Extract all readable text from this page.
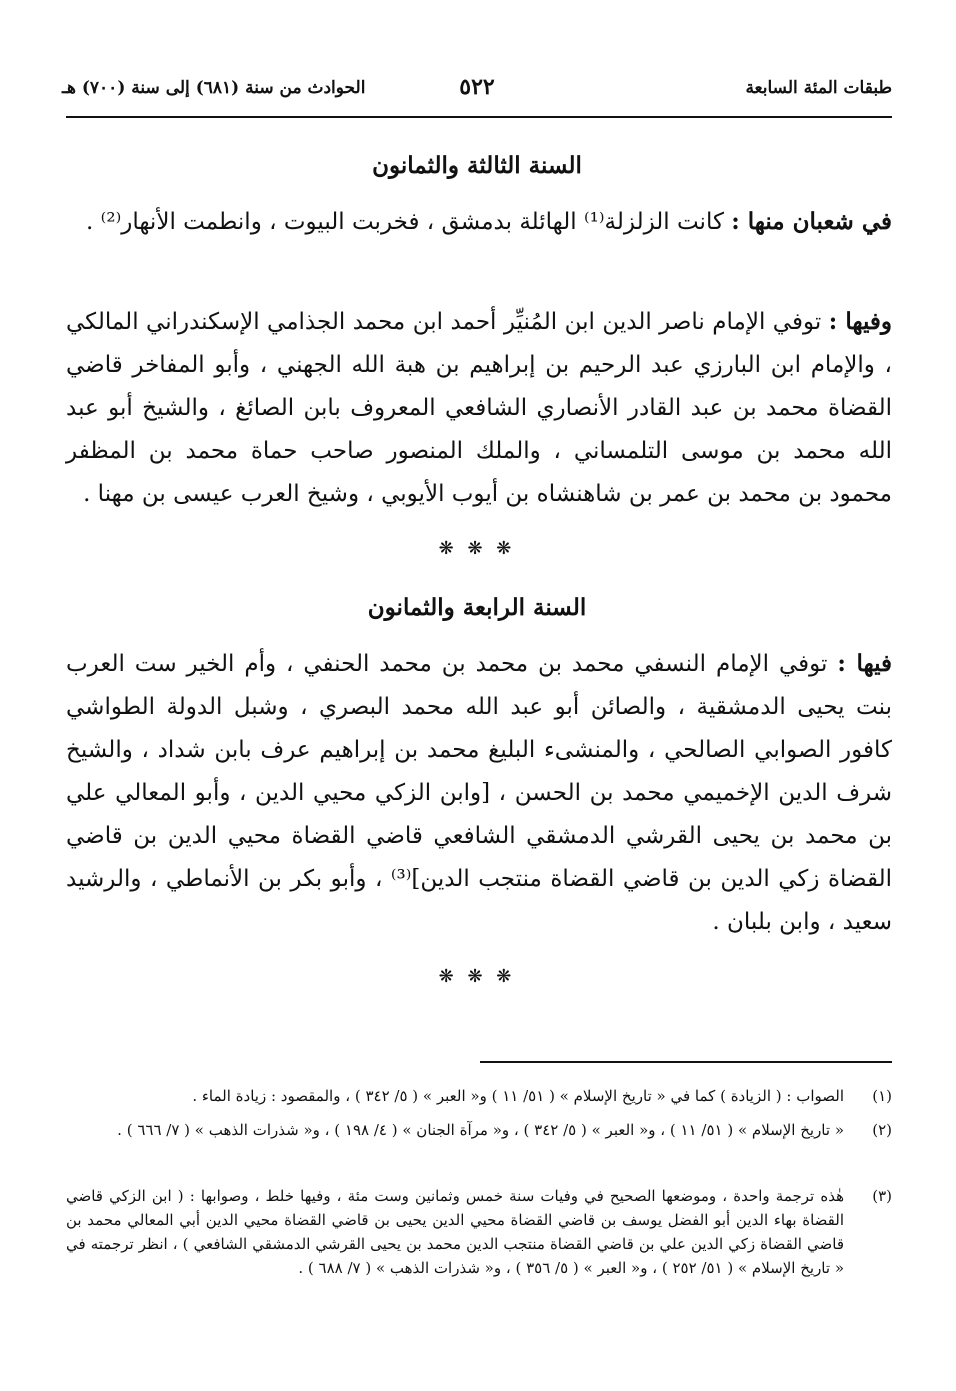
طبقات المئة السابعة
٥٢٢
الحوادث من سنة (٦٨١) إلى سنة (٧٠٠) هـ
السنة الثالثة والثمانون
في شعبان منها : كانت الزلزلة⁽¹⁾ الهائلة بدمشق ، فخربت البيوت ، وانطمت الأنهار⁽²⁾ .
وفيها : توفي الإمام ناصر الدين ابن المُنيِّر أحمد ابن محمد الجذامي الإسكندراني المالكي ، والإمام ابن البارزي عبد الرحيم بن إبراهيم بن هبة الله الجهني ، وأبو المفاخر قاضي القضاة محمد بن عبد القادر الأنصاري الشافعي المعروف بابن الصائغ ، والشيخ أبو عبد الله محمد بن موسى التلمساني ، والملك المنصور صاحب حماة محمد بن المظفر محمود بن محمد بن عمر بن شاهنشاه بن أيوب الأيوبي ، وشيخ العرب عيسى بن مهنا .
❋ ❋ ❋
السنة الرابعة والثمانون
فيها : توفي الإمام النسفي محمد بن محمد بن محمد الحنفي ، وأم الخير ست العرب بنت يحيى الدمشقية ، والصائن أبو عبد الله محمد البصري ، وشبل الدولة الطواشي كافور الصوابي الصالحي ، والمنشىء البليغ محمد بن إبراهيم عرف بابن شداد ، والشيخ شرف الدين الإخميمي محمد بن الحسن ، [وابن الزكي محيي الدين ، وأبو المعالي علي بن محمد بن يحيى القرشي الدمشقي الشافعي قاضي القضاة محيي الدين بن قاضي القضاة زكي الدين بن قاضي القضاة منتجب الدين]⁽³⁾ ، وأبو بكر بن الأنماطي ، والرشيد سعيد ، وابن بلبان .
❋ ❋ ❋
(١)
الصواب : ( الزيادة ) كما في « تاريخ الإسلام » ( ٥١/ ١١ ) و« العبر » ( ٥/ ٣٤٢ ) ، والمقصود : زيادة الماء .
(٢)
« تاريخ الإسلام » ( ٥١/ ١١ ) ، و« العبر » ( ٥/ ٣٤٢ ) ، و« مرآة الجنان » ( ٤/ ١٩٨ ) ، و« شذرات الذهب » ( ٧/ ٦٦٦ ) .
(٣)
هٰذه ترجمة واحدة ، وموضعها الصحيح في وفيات سنة خمس وثمانين وست مئة ، وفيها خلط ، وصوابها : ( ابن الزكي قاضي القضاة بهاء الدين أبو الفضل يوسف بن قاضي القضاة محيي الدين يحيى بن قاضي القضاة محيي الدين أبي المعالي محمد بن قاضي القضاة زكي الدين علي بن قاضي القضاة منتجب الدين محمد بن يحيى القرشي الدمشقي الشافعي ) ، انظر ترجمته في « تاريخ الإسلام » ( ٥١/ ٢٥٢ ) ، و« العبر » ( ٥/ ٣٥٦ ) ، و« شذرات الذهب » ( ٧/ ٦٨٨ ) .
